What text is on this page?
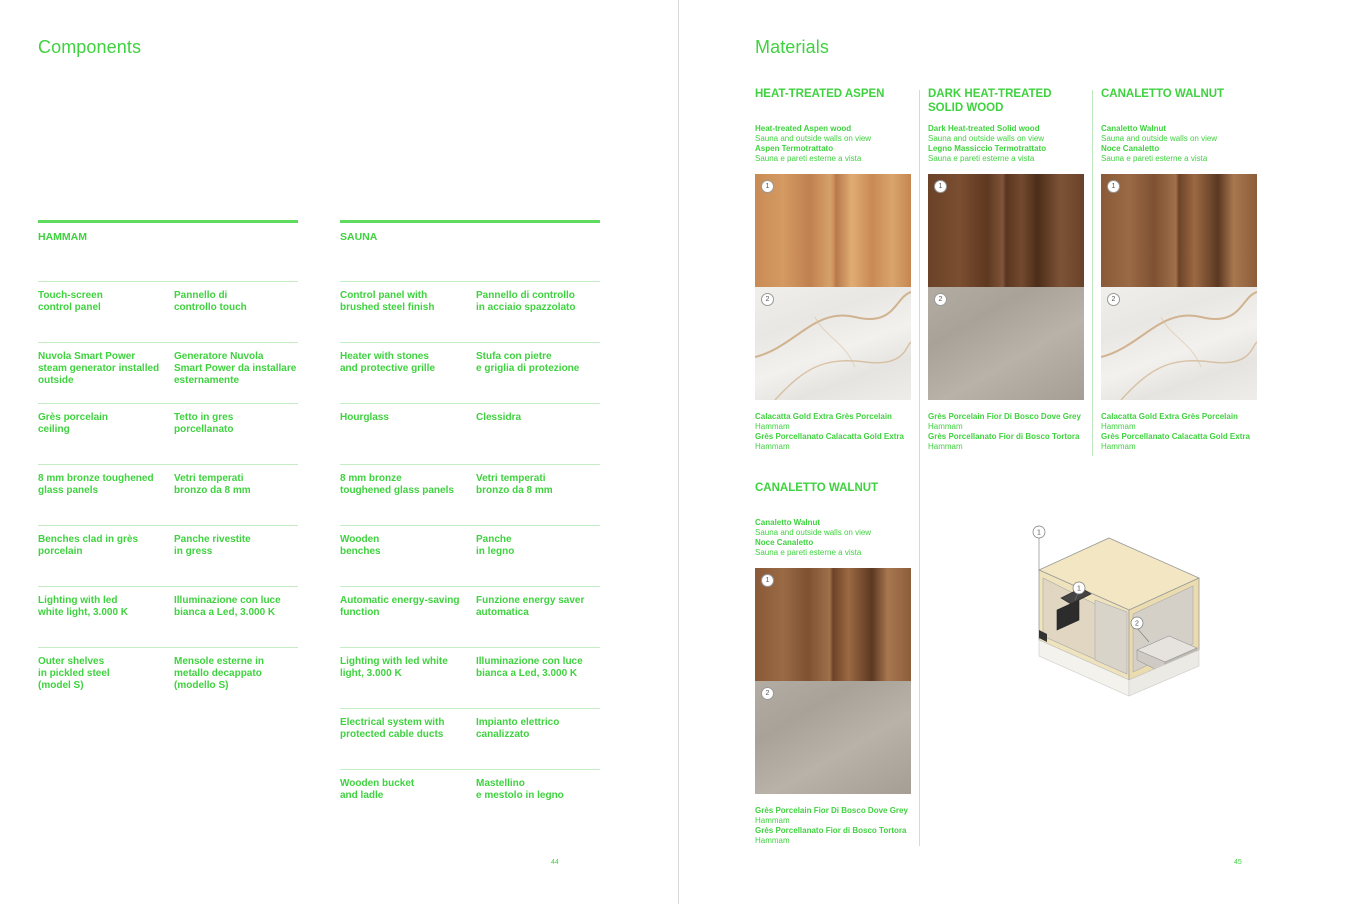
Components
HAMMAM
Touch-screen
control panel
Pannello di
controllo touch
Nuvola Smart Power
steam generator installed
outside
Generatore Nuvola
Smart Power da installare
esternamente
Grès porcelain
ceiling
Tetto in gres
porcellanato
8 mm bronze toughened
glass panels
Vetri temperati
bronzo da 8 mm
Benches clad in grès
porcelain
Panche rivestite
in gress
Lighting with led
white light, 3.000 K
Illuminazione con luce
bianca a Led, 3.000 K
Outer shelves
in pickled steel
(model S)
Mensole esterne in
metallo decappato
(modello S)
SAUNA
Control panel with
brushed steel finish
Pannello di controllo
in acciaio spazzolato
Heater with stones
and protective grille
Stufa con pietre
e griglia di protezione
Hourglass	Clessidra
8 mm bronze
toughened glass panels
Vetri temperati
bronzo da 8 mm
Wooden
benches
Panche
in legno
Automatic energy-saving
function
Funzione energy saver
automatica
Lighting with led white
light, 3.000 K
Illuminazione con luce
bianca a Led, 3.000 K
Electrical system with
protected cable ducts
Impianto elettrico
canalizzato
Wooden bucket
and ladle
Mastellino
e mestolo in legno
44
Materials
HEAT-TREATED ASPEN
Heat-treated Aspen wood
Sauna and outside walls on view
Aspen Termotrattato
Sauna e pareti esterne a vista
1
2
Calacatta Gold Extra Grès Porcelain
Hammam
Grès Porcellanato Calacatta Gold Extra
Hammam
DARK HEAT-TREATED
SOLID WOOD
Dark Heat-treated Solid wood
Sauna and outside walls on view
Legno Massiccio Termotrattato
Sauna e pareti esterne a vista
1
2
Grès Porcelain Fior Di Bosco Dove Grey
Hammam
Grès Porcellanato Fior di Bosco Tortora
Hammam
CANALETTO WALNUT
Canaletto Walnut
Sauna and outside walls on view
Noce Canaletto
Sauna e pareti esterne a vista
1
2
Calacatta Gold Extra Grès Porcelain
Hammam
Grès Porcellanato Calacatta Gold Extra
Hammam
CANALETTO WALNUT
Canaletto Walnut
Sauna and outside walls on view
Noce Canaletto
Sauna e pareti esterne a vista
1
2
Grès Porcelain Fior Di Bosco Dove Grey
Hammam
Grès Porcellanato Fior di Bosco Tortora
Hammam
1
1
2
45
